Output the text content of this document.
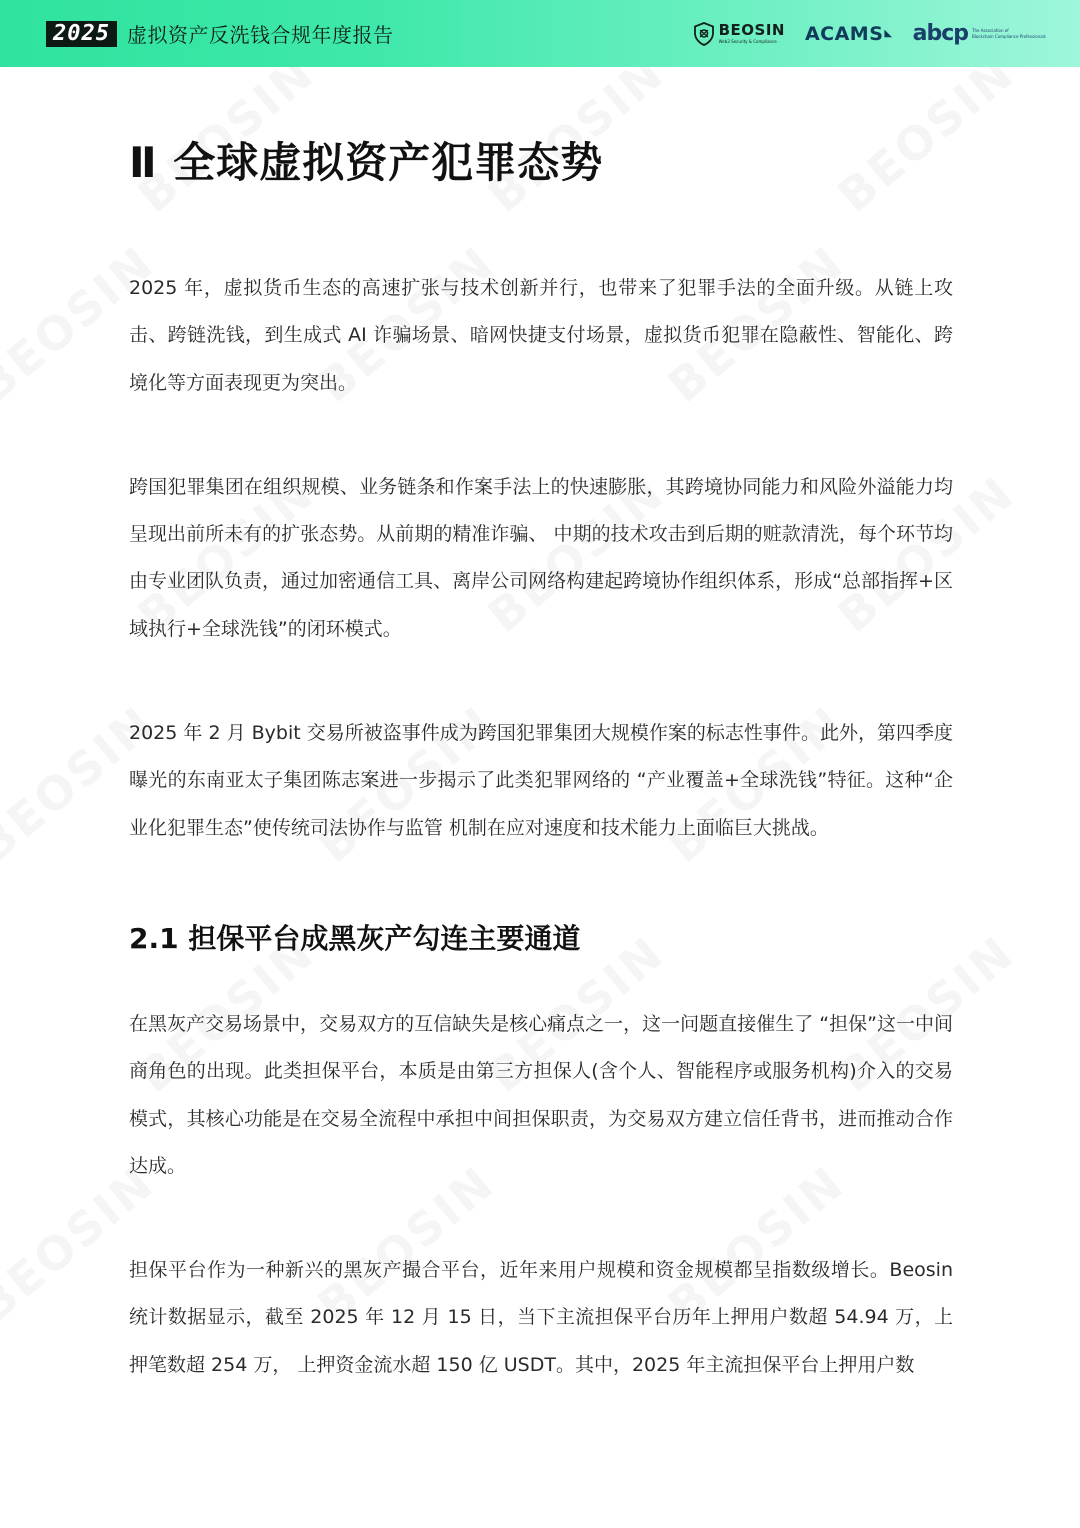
2025 虚拟资产反洗钱合规年度报告	BEOSIN
Web3 Security & Compliance	ACAMS ◣ abcp The Association of
Blockchain Compliance Professionals
Ⅱ 全球虚拟资产犯罪态势

2025 年，虚拟货币生态的高速扩张与技术创新并行，也带来了犯罪手法的全面升级。从链上攻击、跨链洗钱，到生成式 AI 诈骗场景、暗网快捷支付场景，虚拟货币犯罪在隐蔽性、智能化、跨境化等方面表现更为突出。

跨国犯罪集团在组织规模、业务链条和作案手法上的快速膨胀，其跨境协同能力和风险外溢能力均呈现出前所未有的扩张态势。从前期的精准诈骗、 中期的技术攻击到后期的赃款清洗，每个环节均由专业团队负责，通过加密通信工具、离岸公司网络构建起跨境协作组织体系，形成“总部指挥+区域执行+全球洗钱”的闭环模式。

2025 年 2 月 Bybit 交易所被盗事件成为跨国犯罪集团大规模作案的标志性事件。此外，第四季度曝光的东南亚太子集团陈志案进一步揭示了此类犯罪网络的 “产业覆盖+全球洗钱”特征。这种“企业化犯罪生态”使传统司法协作与监管 机制在应对速度和技术能力上面临巨大挑战。

2.1 担保平台成黑灰产勾连主要通道

在黑灰产交易场景中，交易双方的互信缺失是核心痛点之一，这一问题直接催生了 “担保”这一中间商角色的出现。此类担保平台，本质是由第三方担保人(含个人、智能程序或服务机构)介入的交易模式，其核心功能是在交易全流程中承担中间担保职责，为交易双方建立信任背书，进而推动合作达成。

担保平台作为一种新兴的黑灰产撮合平台，近年来用户规模和资金规模都呈指数级增长。Beosin 统计数据显示，截至 2025 年 12 月 15 日，当下主流担保平台历年上押用户数超 54.94 万，上押笔数超 254 万， 上押资金流水超 150 亿 USDT。其中，2025 年主流担保平台上押用户数
